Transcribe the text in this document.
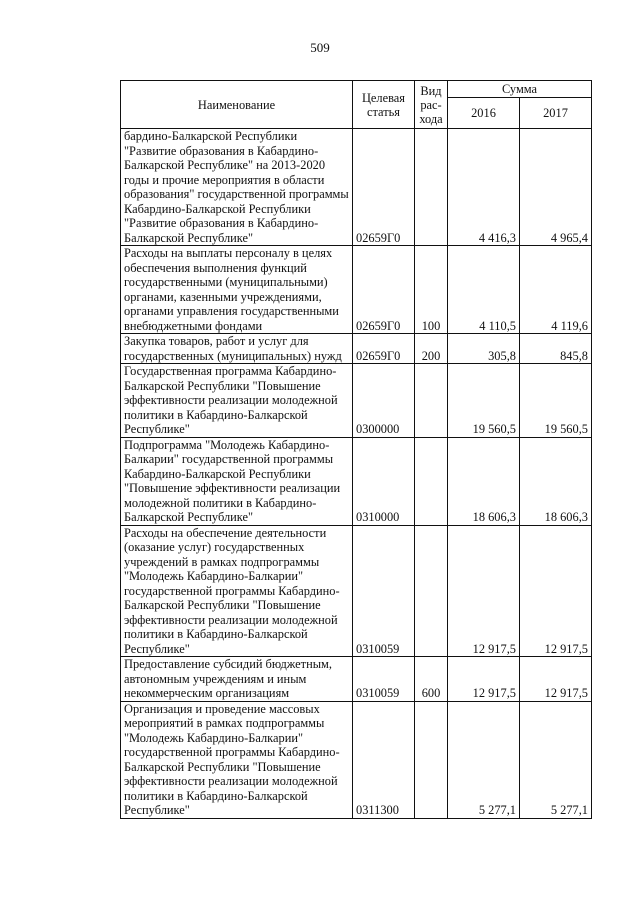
509
Наименование	Целевая статья	Вид рас-хода	Сумма	
			2016	2017
бардино-Балкарской Республики "Развитие образования в Кабардино-Балкарской Республике" на 2013-2020 годы и прочие мероприятия в области образования" государственной программы Кабардино-Балкарской Республики "Развитие образования в Кабардино-Балкарской Республике"	02659Г0		4 416,3	4 965,4
Расходы на выплаты персоналу в целях обеспечения выполнения функций государственными (муниципальными) органами, казенными учреждениями, органами управления государственными внебюджетными фондами	02659Г0	100	4 110,5	4 119,6
Закупка товаров, работ и услуг для государственных (муниципальных) нужд	02659Г0	200	305,8	845,8
Государственная программа Кабардино-Балкарской Республики "Повышение эффективности реализации молодежной политики в Кабардино-Балкарской Республике"	0300000		19 560,5	19 560,5
Подпрограмма "Молодежь Кабардино-Балкарии" государственной программы Кабардино-Балкарской Республики "Повышение эффективности реализации молодежной политики в Кабардино-Балкарской Республике"	0310000		18 606,3	18 606,3
Расходы на обеспечение деятельности (оказание услуг) государственных учреждений в рамках подпрограммы "Молодежь Кабардино-Балкарии" государственной программы Кабардино-Балкарской Республики "Повышение эффективности реализации молодежной политики в Кабардино-Балкарской Республике"	0310059		12 917,5	12 917,5
Предоставление субсидий бюджетным, автономным учреждениям и иным некоммерческим организациям	0310059	600	12 917,5	12 917,5
Организация и проведение массовых мероприятий в рамках подпрограммы "Молодежь Кабардино-Балкарии" государственной программы Кабардино-Балкарской Республики "Повышение эффективности реализации молодежной политики в Кабардино-Балкарской Республике"	0311300		5 277,1	5 277,1
